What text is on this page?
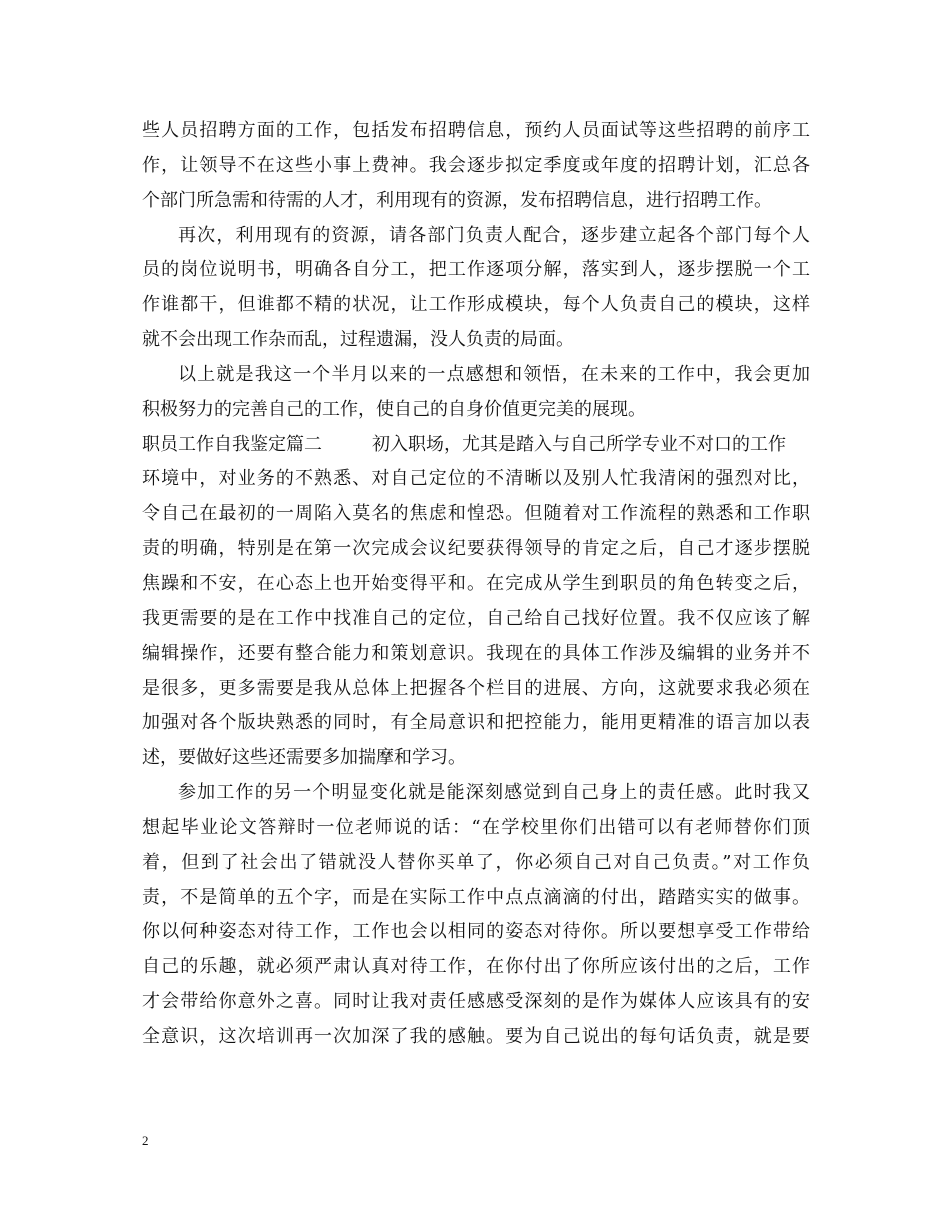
些人员招聘方面的工作，包括发布招聘信息，预约人员面试等这些招聘的前序工
作，让领导不在这些小事上费神。我会逐步拟定季度或年度的招聘计划，汇总各
个部门所急需和待需的人才，利用现有的资源，发布招聘信息，进行招聘工作。
再次，利用现有的资源，请各部门负责人配合，逐步建立起各个部门每个人
员的岗位说明书，明确各自分工，把工作逐项分解，落实到人，逐步摆脱一个工
作谁都干，但谁都不精的状况，让工作形成模块，每个人负责自己的模块，这样
就不会出现工作杂而乱，过程遗漏，没人负责的局面。
以上就是我这一个半月以来的一点感想和领悟，在未来的工作中，我会更加
积极努力的完善自己的工作，使自己的自身价值更完美的展现。
职员工作自我鉴定篇二	初入职场，尤其是踏入与自己所学专业不对口的工作
环境中，对业务的不熟悉、对自己定位的不清晰以及别人忙我清闲的强烈对比，
令自己在最初的一周陷入莫名的焦虑和惶恐。但随着对工作流程的熟悉和工作职
责的明确，特别是在第一次完成会议纪要获得领导的肯定之后，自己才逐步摆脱
焦躁和不安，在心态上也开始变得平和。在完成从学生到职员的角色转变之后，
我更需要的是在工作中找准自己的定位，自己给自己找好位置。我不仅应该了解
编辑操作，还要有整合能力和策划意识。我现在的具体工作涉及编辑的业务并不
是很多，更多需要是我从总体上把握各个栏目的进展、方向，这就要求我必须在
加强对各个版块熟悉的同时，有全局意识和把控能力，能用更精准的语言加以表
述，要做好这些还需要多加揣摩和学习。
参加工作的另一个明显变化就是能深刻感觉到自己身上的责任感。此时我又
想起毕业论文答辩时一位老师说的话：“在学校里你们出错可以有老师替你们顶
着，但到了社会出了错就没人替你买单了，你必须自己对自己负责。”对工作负
责，不是简单的五个字，而是在实际工作中点点滴滴的付出，踏踏实实的做事。
你以何种姿态对待工作，工作也会以相同的姿态对待你。所以要想享受工作带给
自己的乐趣，就必须严肃认真对待工作，在你付出了你所应该付出的之后，工作
才会带给你意外之喜。同时让我对责任感感受深刻的是作为媒体人应该具有的安
全意识，这次培训再一次加深了我的感触。要为自己说出的每句话负责，就是要
2
